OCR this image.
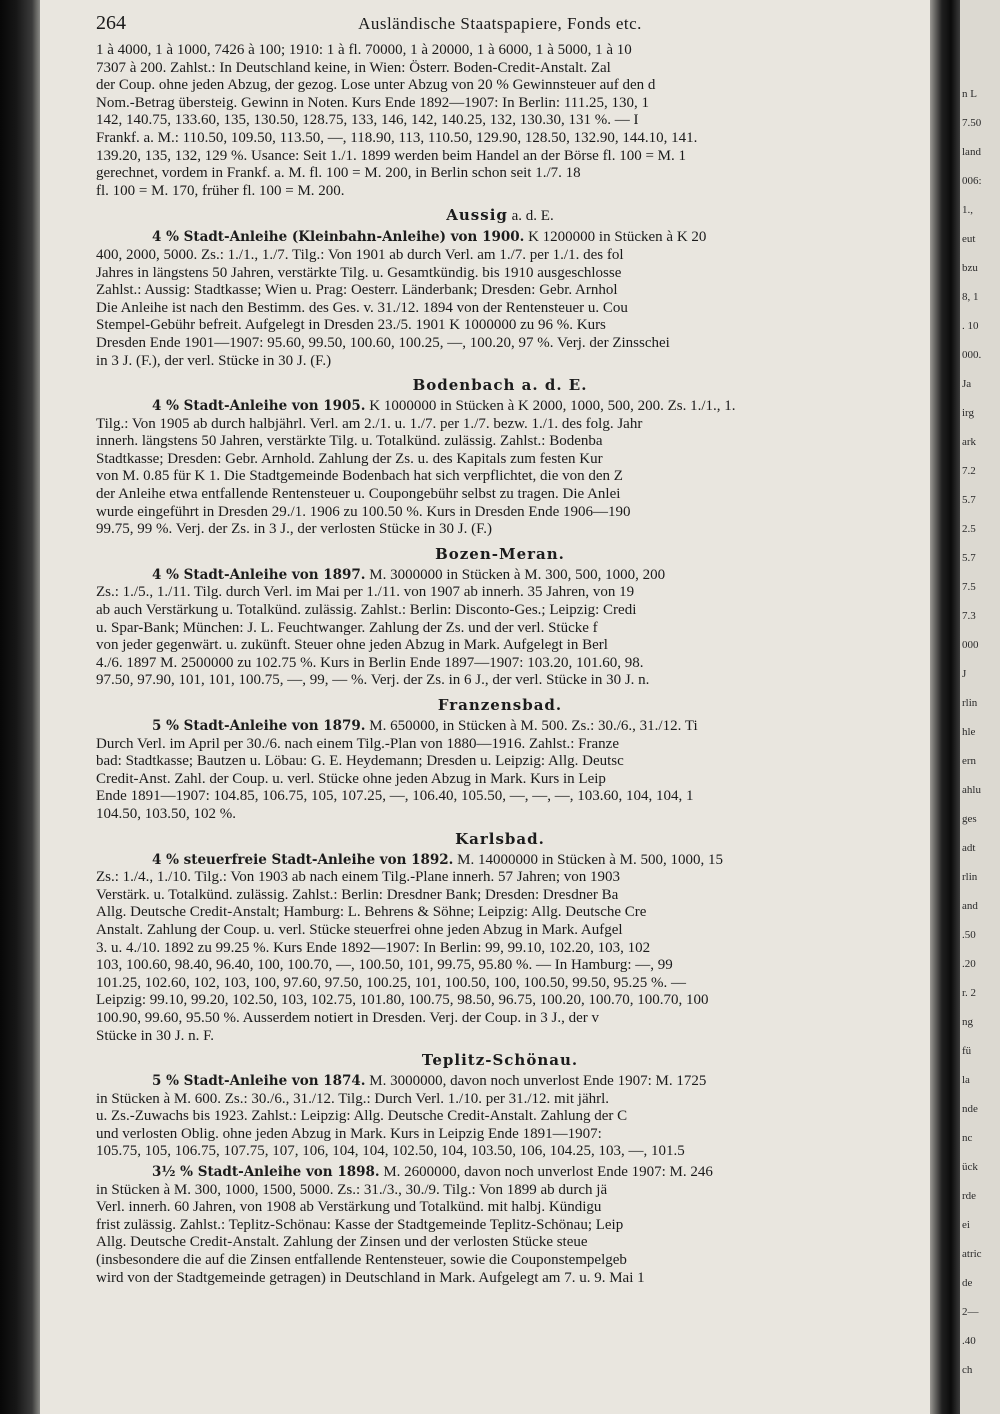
n L
7.50
land
006:
1.,
eut
bzu
8, 1
. 10
000.
Ja
irg
ark
7.2
5.7
2.5
5.7
7.5
7.3
000
J
rlin
hle
ern
ahlu
ges
adt
rlin
and
.50
.20
r. 2
ng
fü
la
nde
nc
ück
rde
ei
atric
de
2—
.40
ch
264	Ausländische Staatspapiere, Fonds etc.
1 à 4000, 1 à 1000, 7426 à 100; 1910: 1 à fl. 70000, 1 à 20000, 1 à 6000, 1 à 5000, 1 à 10
7307 à 200. Zahlst.: In Deutschland keine, in Wien: Österr. Boden-Credit-Anstalt. Zal
der Coup. ohne jeden Abzug, der gezog. Lose unter Abzug von 20 % Gewinnsteuer auf den d
Nom.-Betrag übersteig. Gewinn in Noten. Kurs Ende 1892—1907: In Berlin: 111.25, 130, 1
142, 140.75, 133.60, 135, 130.50, 128.75, 133, 146, 142, 140.25, 132, 130.30, 131 %. — I
Frankf. a. M.: 110.50, 109.50, 113.50, —, 118.90, 113, 110.50, 129.90, 128.50, 132.90, 144.10, 141.
139.20, 135, 132, 129 %. Usance: Seit 1./1. 1899 werden beim Handel an der Börse fl. 100 = M. 1
gerechnet, vordem in Frankf. a. M. fl. 100 = M. 200, in Berlin schon seit 1./7. 18
fl. 100 = M. 170, früher fl. 100 = M. 200.
Aussig a. d. E.
4 % Stadt-Anleihe (Kleinbahn-Anleihe) von 1900. K 1200000 in Stücken à K 20
400, 2000, 5000. Zs.: 1./1., 1./7. Tilg.: Von 1901 ab durch Verl. am 1./7. per 1./1. des fol
Jahres in längstens 50 Jahren, verstärkte Tilg. u. Gesamtkündig. bis 1910 ausgeschlosse
Zahlst.: Aussig: Stadtkasse; Wien u. Prag: Oesterr. Länderbank; Dresden: Gebr. Arnhol
Die Anleihe ist nach den Bestimm. des Ges. v. 31./12. 1894 von der Rentensteuer u. Cou
Stempel-Gebühr befreit. Aufgelegt in Dresden 23./5. 1901 K 1000000 zu 96 %. Kurs
Dresden Ende 1901—1907: 95.60, 99.50, 100.60, 100.25, —, 100.20, 97 %. Verj. der Zinsschei
in 3 J. (F.), der verl. Stücke in 30 J. (F.)
Bodenbach a. d. E.
4 % Stadt-Anleihe von 1905. K 1000000 in Stücken à K 2000, 1000, 500, 200. Zs. 1./1., 1.
Tilg.: Von 1905 ab durch halbjährl. Verl. am 2./1. u. 1./7. per 1./7. bezw. 1./1. des folg. Jahr
innerh. längstens 50 Jahren, verstärkte Tilg. u. Totalkünd. zulässig. Zahlst.: Bodenba
Stadtkasse; Dresden: Gebr. Arnhold. Zahlung der Zs. u. des Kapitals zum festen Kur
von M. 0.85 für K 1. Die Stadtgemeinde Bodenbach hat sich verpflichtet, die von den Z
der Anleihe etwa entfallende Rentensteuer u. Coupongebühr selbst zu tragen. Die Anlei
wurde eingeführt in Dresden 29./1. 1906 zu 100.50 %. Kurs in Dresden Ende 1906—190
99.75, 99 %. Verj. der Zs. in 3 J., der verlosten Stücke in 30 J. (F.)
Bozen-Meran.
4 % Stadt-Anleihe von 1897. M. 3000000 in Stücken à M. 300, 500, 1000, 200
Zs.: 1./5., 1./11. Tilg. durch Verl. im Mai per 1./11. von 1907 ab innerh. 35 Jahren, von 19
ab auch Verstärkung u. Totalkünd. zulässig. Zahlst.: Berlin: Disconto-Ges.; Leipzig: Credi
u. Spar-Bank; München: J. L. Feuchtwanger. Zahlung der Zs. und der verl. Stücke f
von jeder gegenwärt. u. zukünft. Steuer ohne jeden Abzug in Mark. Aufgelegt in Berl
4./6. 1897 M. 2500000 zu 102.75 %. Kurs in Berlin Ende 1897—1907: 103.20, 101.60, 98.
97.50, 97.90, 101, 101, 100.75, —, 99, — %. Verj. der Zs. in 6 J., der verl. Stücke in 30 J. n.
Franzensbad.
5 % Stadt-Anleihe von 1879. M. 650000, in Stücken à M. 500. Zs.: 30./6., 31./12. Ti
Durch Verl. im April per 30./6. nach einem Tilg.-Plan von 1880—1916. Zahlst.: Franze
bad: Stadtkasse; Bautzen u. Löbau: G. E. Heydemann; Dresden u. Leipzig: Allg. Deutsc
Credit-Anst. Zahl. der Coup. u. verl. Stücke ohne jeden Abzug in Mark. Kurs in Leip
Ende 1891—1907: 104.85, 106.75, 105, 107.25, —, 106.40, 105.50, —, —, —, 103.60, 104, 104, 1
104.50, 103.50, 102 %.
Karlsbad.
4 % steuerfreie Stadt-Anleihe von 1892. M. 14000000 in Stücken à M. 500, 1000, 15
Zs.: 1./4., 1./10. Tilg.: Von 1903 ab nach einem Tilg.-Plane innerh. 57 Jahren; von 1903
Verstärk. u. Totalkünd. zulässig. Zahlst.: Berlin: Dresdner Bank; Dresden: Dresdner Ba
Allg. Deutsche Credit-Anstalt; Hamburg: L. Behrens & Söhne; Leipzig: Allg. Deutsche Cre
Anstalt. Zahlung der Coup. u. verl. Stücke steuerfrei ohne jeden Abzug in Mark. Aufgel
3. u. 4./10. 1892 zu 99.25 %. Kurs Ende 1892—1907: In Berlin: 99, 99.10, 102.20, 103, 102
103, 100.60, 98.40, 96.40, 100, 100.70, —, 100.50, 101, 99.75, 95.80 %. — In Hamburg: —, 99
101.25, 102.60, 102, 103, 100, 97.60, 97.50, 100.25, 101, 100.50, 100, 100.50, 99.50, 95.25 %. —
Leipzig: 99.10, 99.20, 102.50, 103, 102.75, 101.80, 100.75, 98.50, 96.75, 100.20, 100.70, 100.70, 100
100.90, 99.60, 95.50 %. Ausserdem notiert in Dresden. Verj. der Coup. in 3 J., der v
Stücke in 30 J. n. F.
Teplitz-Schönau.
5 % Stadt-Anleihe von 1874. M. 3000000, davon noch unverlost Ende 1907: M. 1725
in Stücken à M. 600. Zs.: 30./6., 31./12. Tilg.: Durch Verl. 1./10. per 31./12. mit jährl.
u. Zs.-Zuwachs bis 1923. Zahlst.: Leipzig: Allg. Deutsche Credit-Anstalt. Zahlung der C
und verlosten Oblig. ohne jeden Abzug in Mark. Kurs in Leipzig Ende 1891—1907:
105.75, 105, 106.75, 107.75, 107, 106, 104, 104, 102.50, 104, 103.50, 106, 104.25, 103, —, 101.5
3½ % Stadt-Anleihe von 1898. M. 2600000, davon noch unverlost Ende 1907: M. 246
in Stücken à M. 300, 1000, 1500, 5000. Zs.: 31./3., 30./9. Tilg.: Von 1899 ab durch jä
Verl. innerh. 60 Jahren, von 1908 ab Verstärkung und Totalkünd. mit halbj. Kündigu
frist zulässig. Zahlst.: Teplitz-Schönau: Kasse der Stadtgemeinde Teplitz-Schönau; Leip
Allg. Deutsche Credit-Anstalt. Zahlung der Zinsen und der verlosten Stücke steue
(insbesondere die auf die Zinsen entfallende Rentensteuer, sowie die Couponstempelgeb
wird von der Stadtgemeinde getragen) in Deutschland in Mark. Aufgelegt am 7. u. 9. Mai 1
